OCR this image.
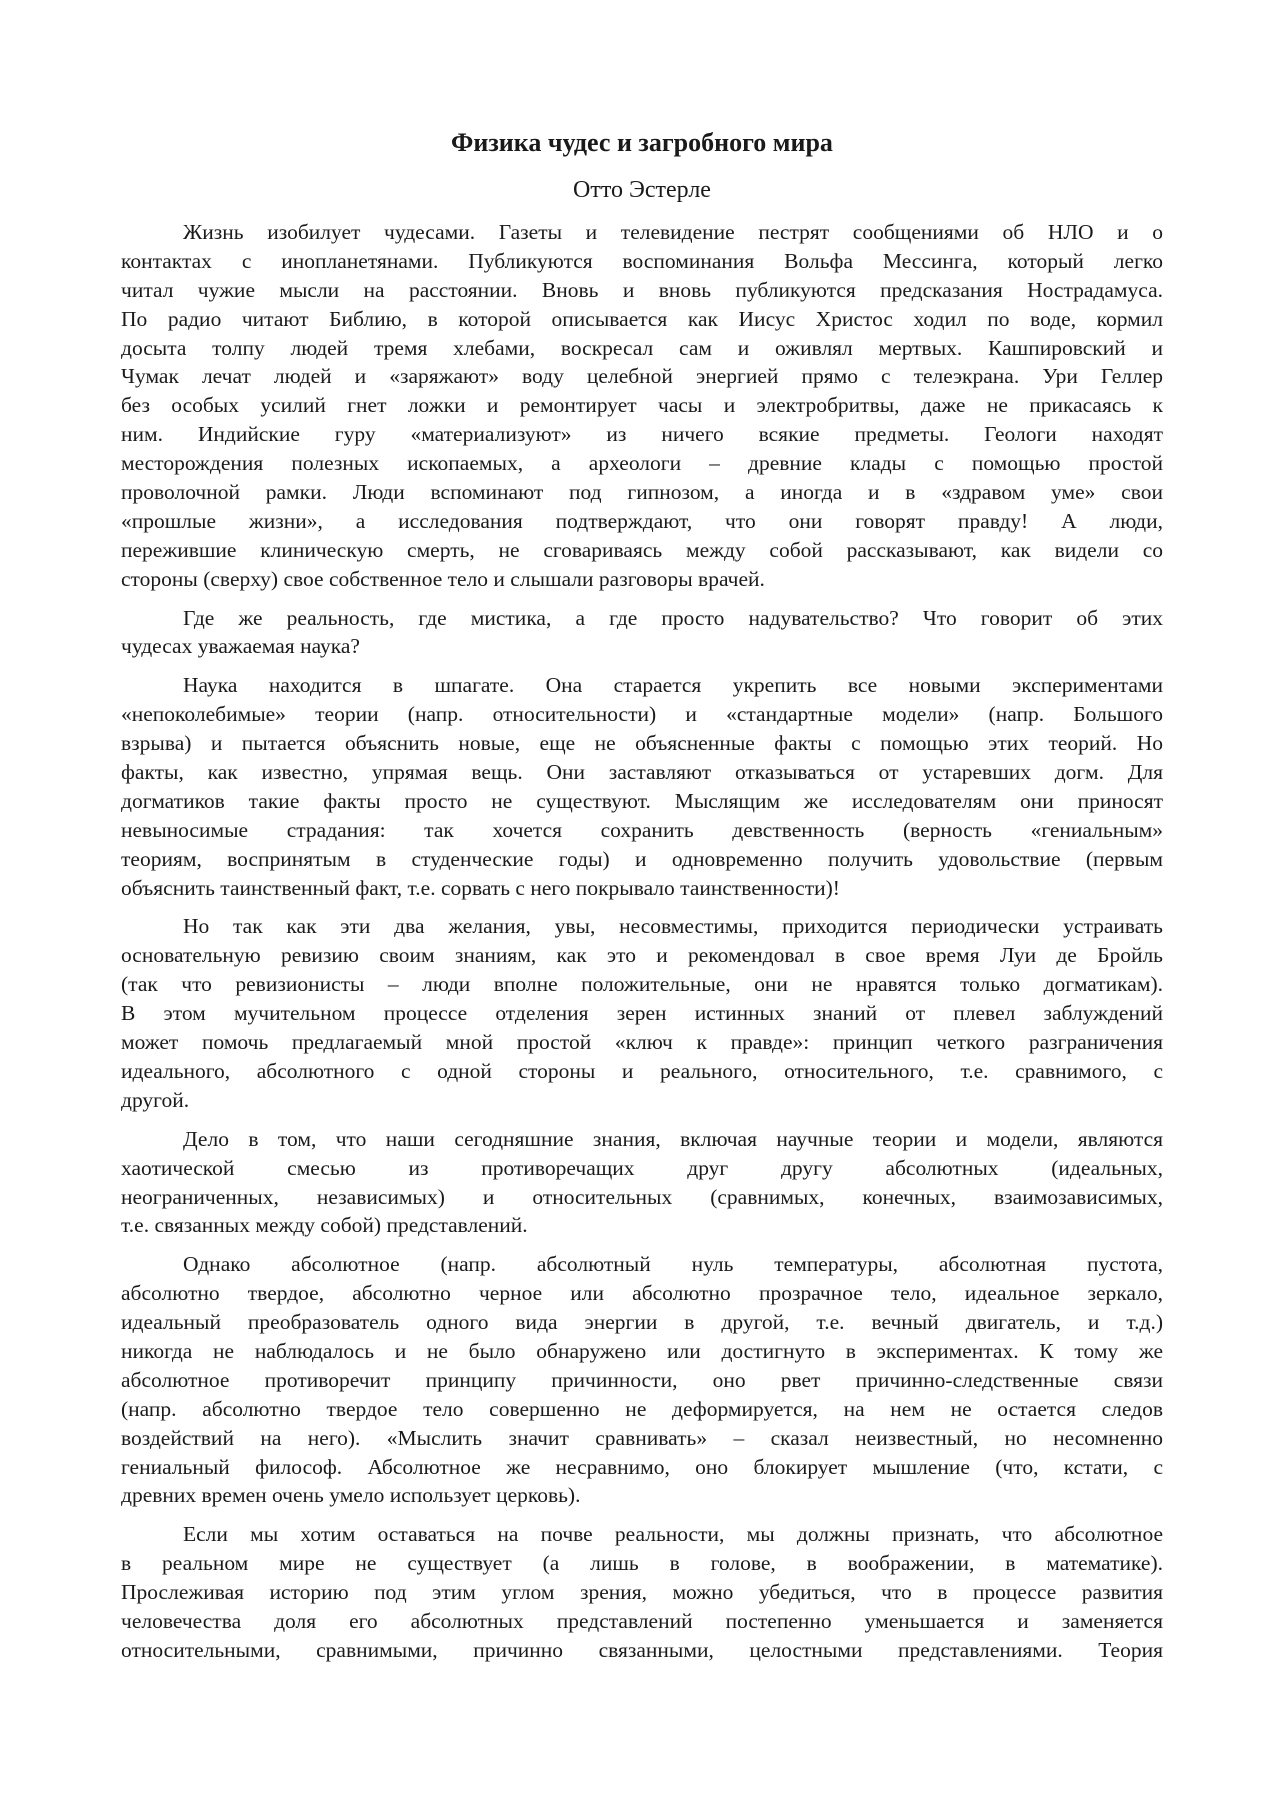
Физика чудес и загробного мира
Отто Эстерле
Жизнь изобилует чудесами. Газеты и телевидение пестрят сообщениями об НЛО и о
контактах с инопланетянами. Публикуются воспоминания Вольфа Мессинга, который легко
читал чужие мысли на расстоянии. Вновь и вновь публикуются предсказания Нострадамуса.
По радио читают Библию, в которой описывается как Иисус Христос ходил по воде, кормил
досыта толпу людей тремя хлебами, воскресал сам и оживлял мертвых. Кашпировский и
Чумак лечат людей и «заряжают» воду целебной энергией прямо с телеэкрана. Ури Геллер
без особых усилий гнет ложки и ремонтирует часы и электробритвы, даже не прикасаясь к
ним. Индийские гуру «материализуют» из ничего всякие предметы. Геологи находят
месторождения полезных ископаемых, а археологи – древние клады с помощью простой
проволочной рамки. Люди вспоминают под гипнозом, а иногда и в «здравом уме» свои
«прошлые жизни», а исследования подтверждают, что они говорят правду! А люди,
пережившие клиническую смерть, не сговариваясь между собой рассказывают, как видели со
стороны (сверху) свое собственное тело и слышали разговоры врачей.
Где же реальность, где мистика, а где просто надувательство? Что говорит об этих
чудесах уважаемая наука?
Наука находится в шпагате. Она старается укрепить все новыми экспериментами
«непоколебимые» теории (напр. относительности) и «стандартные модели» (напр. Большого
взрыва) и пытается объяснить новые, еще не объясненные факты с помощью этих теорий. Но
факты, как известно, упрямая вещь. Они заставляют отказываться от устаревших догм. Для
догматиков такие факты просто не существуют. Мыслящим же исследователям они приносят
невыносимые страдания: так хочется сохранить девственность (верность «гениальным»
теориям, воспринятым в студенческие годы) и одновременно получить удовольствие (первым
объяснить таинственный факт, т.е. сорвать с него покрывало таинственности)!
Но так как эти два желания, увы, несовместимы, приходится периодически устраивать
основательную ревизию своим знаниям, как это и рекомендовал в свое время Луи де Бройль
(так что ревизионисты – люди вполне положительные, они не нравятся только догматикам).
В этом мучительном процессе отделения зерен истинных знаний от плевел заблуждений
может помочь предлагаемый мной простой «ключ к правде»: принцип четкого разграничения
идеального, абсолютного с одной стороны и реального, относительного, т.е. сравнимого, с
другой.
Дело в том, что наши сегодняшние знания, включая научные теории и модели, являются
хаотической смесью из противоречащих друг другу абсолютных (идеальных,
неограниченных, независимых) и относительных (сравнимых, конечных, взаимозависимых,
т.е. связанных между собой) представлений.
Однако абсолютное (напр. абсолютный нуль температуры, абсолютная пустота,
абсолютно твердое, абсолютно черное или абсолютно прозрачное тело, идеальное зеркало,
идеальный преобразователь одного вида энергии в другой, т.е. вечный двигатель, и т.д.)
никогда не наблюдалось и не было обнаружено или достигнуто в экспериментах. К тому же
абсолютное противоречит принципу причинности, оно рвет причинно-следственные связи
(напр. абсолютно твердое тело совершенно не деформируется, на нем не остается следов
воздействий на него). «Мыслить значит сравнивать» – сказал неизвестный, но несомненно
гениальный философ. Абсолютное же несравнимо, оно блокирует мышление (что, кстати, с
древних времен очень умело использует церковь).
Если мы хотим оставаться на почве реальности, мы должны признать, что абсолютное
в реальном мире не существует (а лишь в голове, в воображении, в математике).
Прослеживая историю под этим углом зрения, можно убедиться, что в процессе развития
человечества доля его абсолютных представлений постепенно уменьшается и заменяется
относительными, сравнимыми, причинно связанными, целостными представлениями. Теория
